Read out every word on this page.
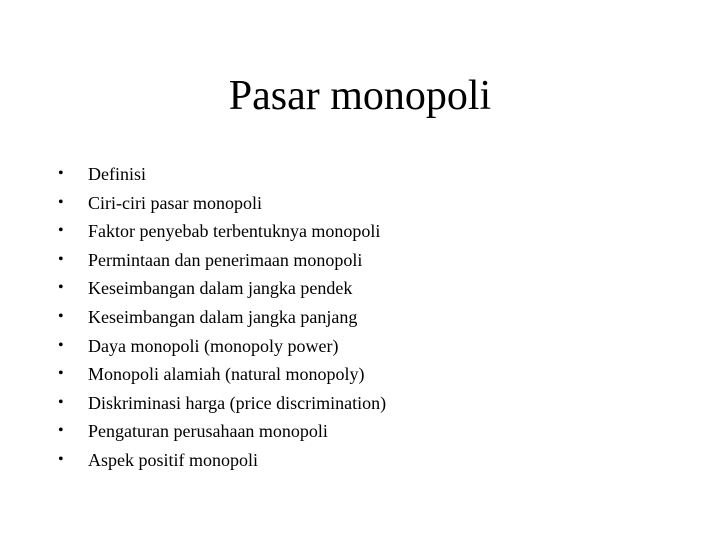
Pasar monopoli
•	Definisi
•	Ciri-ciri pasar monopoli
•	Faktor penyebab terbentuknya monopoli
•	Permintaan dan penerimaan monopoli
•	Keseimbangan dalam jangka pendek
•	Keseimbangan dalam jangka panjang
•	Daya monopoli (monopoly power)
•	Monopoli alamiah (natural monopoly)
•	Diskriminasi harga (price discrimination)
•	Pengaturan perusahaan monopoli
•	Aspek positif monopoli
